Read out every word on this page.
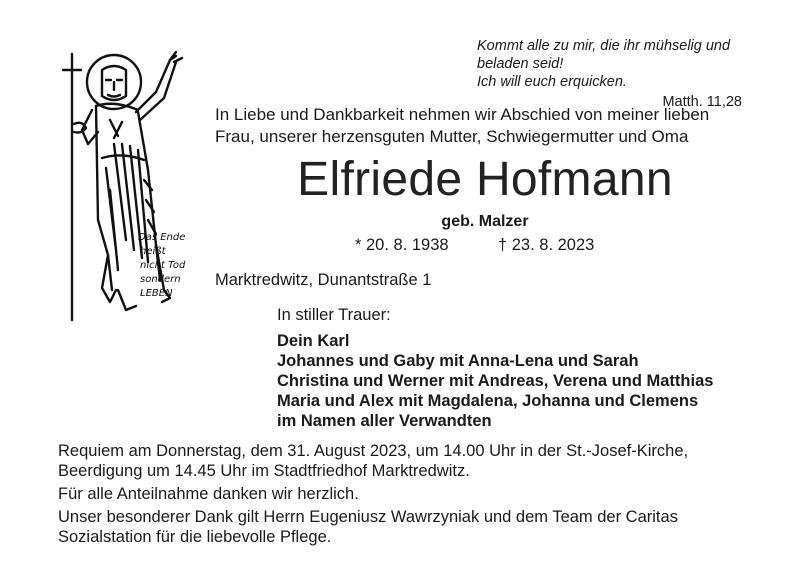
Das Ende
heißt
nicht Tod
sondern
LEBEN
Kommt alle zu mir, die ihr mühselig und beladen seid!
Ich will euch erquicken.
Matth. 11,28
In Liebe und Dankbarkeit nehmen wir Abschied von meiner lieben
Frau, unserer herzensguten Mutter, Schwiegermutter und Oma
Elfriede Hofmann
geb. Malzer
* 20. 8. 1938	† 23. 8. 2023
Marktredwitz, Dunantstraße 1
In stiller Trauer:
Dein Karl
Johannes und Gaby mit Anna-Lena und Sarah
Christina und Werner mit Andreas, Verena und Matthias
Maria und Alex mit Magdalena, Johanna und Clemens
im Namen aller Verwandten
Requiem am Donnerstag, dem 31. August 2023, um 14.00 Uhr in der St.-Josef-Kirche,
Beerdigung um 14.45 Uhr im Stadtfriedhof Marktredwitz.
Für alle Anteilnahme danken wir herzlich.
Unser besonderer Dank gilt Herrn Eugeniusz Wawrzyniak und dem Team der Caritas
Sozialstation für die liebevolle Pflege.
